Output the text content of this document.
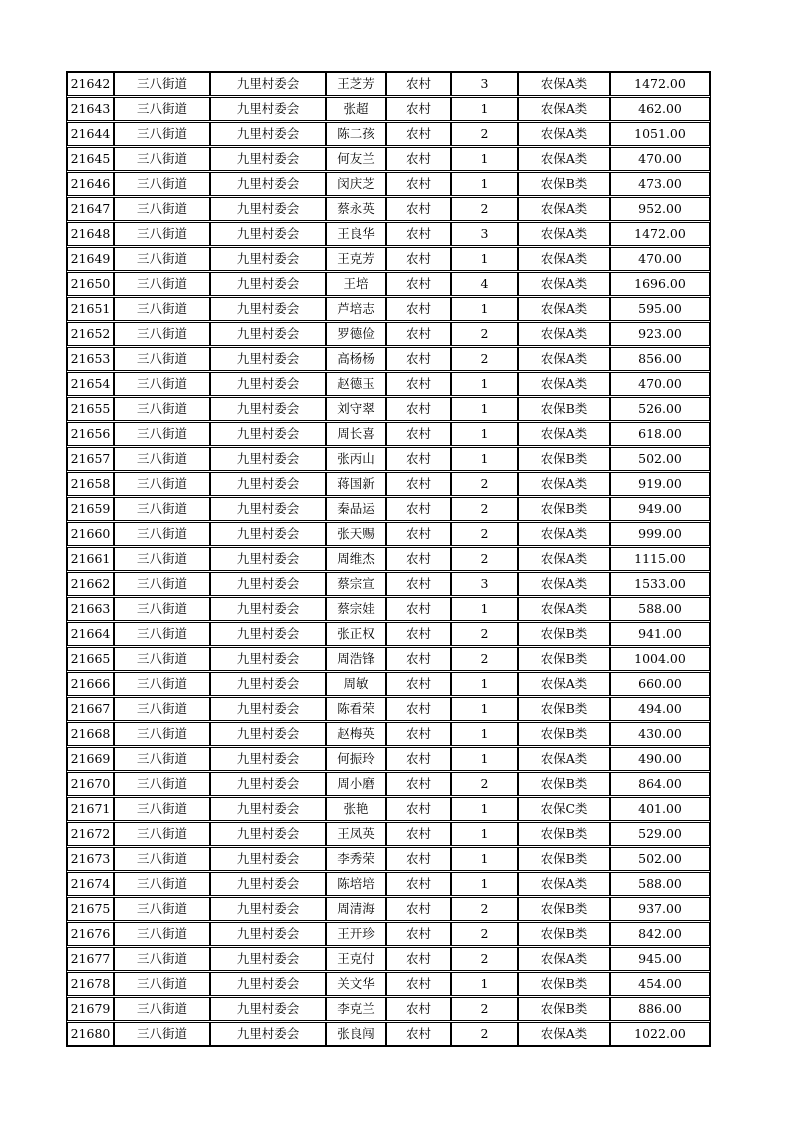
21642	三八街道	九里村委会	王芝芳	农村	3	农保A类	1472.00
21643	三八街道	九里村委会	张超	农村	1	农保A类	462.00
21644	三八街道	九里村委会	陈二孩	农村	2	农保A类	1051.00
21645	三八街道	九里村委会	何友兰	农村	1	农保A类	470.00
21646	三八街道	九里村委会	闵庆芝	农村	1	农保B类	473.00
21647	三八街道	九里村委会	蔡永英	农村	2	农保A类	952.00
21648	三八街道	九里村委会	王良华	农村	3	农保A类	1472.00
21649	三八街道	九里村委会	王克芳	农村	1	农保A类	470.00
21650	三八街道	九里村委会	王培	农村	4	农保A类	1696.00
21651	三八街道	九里村委会	芦培志	农村	1	农保A类	595.00
21652	三八街道	九里村委会	罗德俭	农村	2	农保A类	923.00
21653	三八街道	九里村委会	高杨杨	农村	2	农保A类	856.00
21654	三八街道	九里村委会	赵德玉	农村	1	农保A类	470.00
21655	三八街道	九里村委会	刘守翠	农村	1	农保B类	526.00
21656	三八街道	九里村委会	周长喜	农村	1	农保A类	618.00
21657	三八街道	九里村委会	张丙山	农村	1	农保B类	502.00
21658	三八街道	九里村委会	蒋国新	农村	2	农保A类	919.00
21659	三八街道	九里村委会	秦品运	农村	2	农保B类	949.00
21660	三八街道	九里村委会	张天赐	农村	2	农保A类	999.00
21661	三八街道	九里村委会	周维杰	农村	2	农保A类	1115.00
21662	三八街道	九里村委会	蔡宗宣	农村	3	农保A类	1533.00
21663	三八街道	九里村委会	蔡宗娃	农村	1	农保A类	588.00
21664	三八街道	九里村委会	张正权	农村	2	农保B类	941.00
21665	三八街道	九里村委会	周浩锋	农村	2	农保B类	1004.00
21666	三八街道	九里村委会	周敏	农村	1	农保A类	660.00
21667	三八街道	九里村委会	陈看荣	农村	1	农保B类	494.00
21668	三八街道	九里村委会	赵梅英	农村	1	农保B类	430.00
21669	三八街道	九里村委会	何振玲	农村	1	农保A类	490.00
21670	三八街道	九里村委会	周小磨	农村	2	农保B类	864.00
21671	三八街道	九里村委会	张艳	农村	1	农保C类	401.00
21672	三八街道	九里村委会	王凤英	农村	1	农保B类	529.00
21673	三八街道	九里村委会	李秀荣	农村	1	农保B类	502.00
21674	三八街道	九里村委会	陈培培	农村	1	农保A类	588.00
21675	三八街道	九里村委会	周清海	农村	2	农保B类	937.00
21676	三八街道	九里村委会	王开珍	农村	2	农保B类	842.00
21677	三八街道	九里村委会	王克付	农村	2	农保A类	945.00
21678	三八街道	九里村委会	关文华	农村	1	农保B类	454.00
21679	三八街道	九里村委会	李克兰	农村	2	农保B类	886.00
21680	三八街道	九里村委会	张良闯	农村	2	农保A类	1022.00
